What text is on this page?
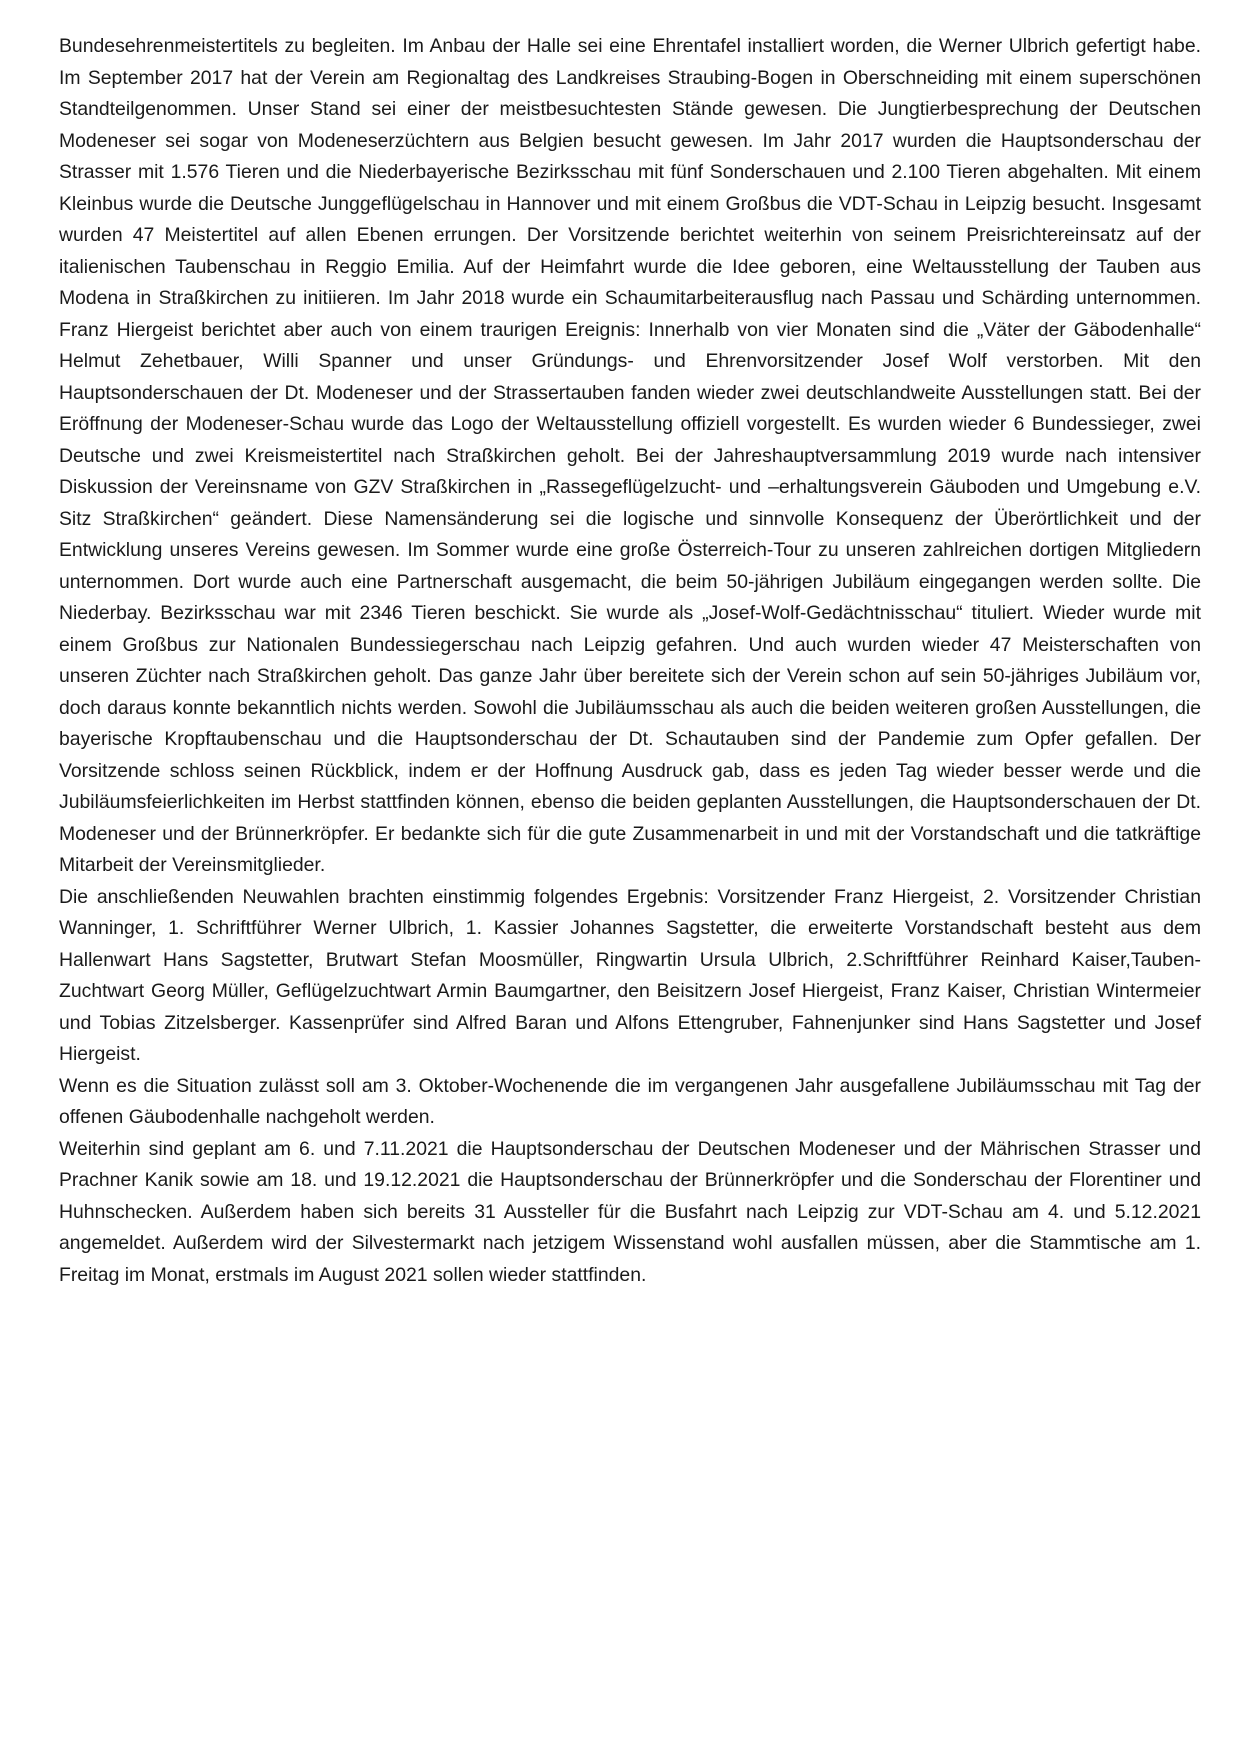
Bundesehrenmeistertitels zu begleiten. Im Anbau der Halle sei eine Ehrentafel installiert worden, die Werner Ulbrich gefertigt habe. Im September 2017 hat der Verein am Regionaltag des Landkreises Straubing-Bogen in Oberschneiding mit einem superschönen Standteilgenommen. Unser Stand sei einer der meistbesuchtesten Stände gewesen. Die Jungtierbesprechung der Deutschen Modeneser sei sogar von Modeneserzüchtern aus Belgien besucht gewesen. Im Jahr 2017 wurden die Hauptsonderschau der Strasser mit 1.576 Tieren und die Niederbayerische Bezirksschau mit fünf Sonderschauen und 2.100 Tieren abgehalten. Mit einem Kleinbus wurde die Deutsche Junggeflügelschau in Hannover und mit einem Großbus die VDT-Schau in Leipzig besucht. Insgesamt wurden 47 Meistertitel auf allen Ebenen errungen. Der Vorsitzende berichtet weiterhin von seinem Preisrichtereinsatz auf der italienischen Taubenschau in Reggio Emilia. Auf der Heimfahrt wurde die Idee geboren, eine Weltausstellung der Tauben aus Modena in Straßkirchen zu initiieren. Im Jahr 2018 wurde ein Schaumitarbeiterausflug nach Passau und Schärding unternommen. Franz Hiergeist berichtet aber auch von einem traurigen Ereignis: Innerhalb von vier Monaten sind die „Väter der Gäbodenhalle“ Helmut Zehetbauer, Willi Spanner und unser Gründungs- und Ehrenvorsitzender Josef Wolf verstorben. Mit den Hauptsonderschauen der Dt. Modeneser und der Strassertauben fanden wieder zwei deutschlandweite Ausstellungen statt. Bei der Eröffnung der Modeneser-Schau wurde das Logo der Weltausstellung offiziell vorgestellt. Es wurden wieder 6 Bundessieger, zwei Deutsche und zwei Kreismeistertitel nach Straßkirchen geholt. Bei der Jahreshauptversammlung 2019 wurde nach intensiver Diskussion der Vereinsname von GZV Straßkirchen in „Rassegeflügelzucht- und –erhaltungsverein Gäuboden und Umgebung e.V. Sitz Straßkirchen“ geändert. Diese Namensänderung sei die logische und sinnvolle Konsequenz der Überörtlichkeit und der Entwicklung unseres Vereins gewesen. Im Sommer wurde eine große Österreich-Tour zu unseren zahlreichen dortigen Mitgliedern unternommen. Dort wurde auch eine Partnerschaft ausgemacht, die beim 50-jährigen Jubiläum eingegangen werden sollte. Die Niederbay. Bezirksschau war mit 2346 Tieren beschickt. Sie wurde als „Josef-Wolf-Gedächtnisschau“ tituliert. Wieder wurde mit einem Großbus zur Nationalen Bundessiegerschau nach Leipzig gefahren. Und auch wurden wieder 47 Meisterschaften von unseren Züchter nach Straßkirchen geholt. Das ganze Jahr über bereitete sich der Verein schon auf sein 50-jähriges Jubiläum vor, doch daraus konnte bekanntlich nichts werden. Sowohl die Jubiläumsschau als auch die beiden weiteren großen Ausstellungen, die bayerische Kropftaubenschau und die Hauptsonderschau der Dt. Schautauben sind der Pandemie zum Opfer gefallen. Der Vorsitzende schloss seinen Rückblick, indem er der Hoffnung Ausdruck gab, dass es jeden Tag wieder besser werde und die Jubiläumsfeierlichkeiten im Herbst stattfinden können, ebenso die beiden geplanten Ausstellungen, die Hauptsonderschauen der Dt. Modeneser und der Brünnerkröpfer. Er bedankte sich für die gute Zusammenarbeit in und mit der Vorstandschaft und die tatkräftige Mitarbeit der Vereinsmitglieder.

Die anschließenden Neuwahlen brachten einstimmig folgendes Ergebnis: Vorsitzender Franz Hiergeist, 2. Vorsitzender Christian Wanninger, 1. Schriftführer Werner Ulbrich, 1. Kassier Johannes Sagstetter, die erweiterte Vorstandschaft besteht aus dem Hallenwart Hans Sagstetter, Brutwart Stefan Moosmüller, Ringwartin Ursula Ulbrich, 2.Schriftführer Reinhard Kaiser,Tauben-Zuchtwart Georg Müller, Geflügelzuchtwart Armin Baumgartner, den Beisitzern Josef Hiergeist, Franz Kaiser, Christian Wintermeier und Tobias Zitzelsberger. Kassenprüfer sind Alfred Baran und Alfons Ettengruber, Fahnenjunker sind Hans Sagstetter und Josef Hiergeist.

Wenn es die Situation zulässt soll am 3. Oktober-Wochenende die im vergangenen Jahr ausgefallene Jubiläumsschau mit Tag der offenen Gäubodenhalle nachgeholt werden.

Weiterhin sind geplant am 6. und 7.11.2021 die Hauptsonderschau der Deutschen Modeneser und der Mährischen Strasser und Prachner Kanik sowie am 18. und 19.12.2021 die Hauptsonderschau der Brünnerkröpfer und die Sonderschau der Florentiner und Huhnschecken. Außerdem haben sich bereits 31 Aussteller für die Busfahrt nach Leipzig zur VDT-Schau am 4. und 5.12.2021 angemeldet. Außerdem wird der Silvestermarkt nach jetzigem Wissenstand wohl ausfallen müssen, aber die Stammtische am 1. Freitag im Monat, erstmals im August 2021 sollen wieder stattfinden.
